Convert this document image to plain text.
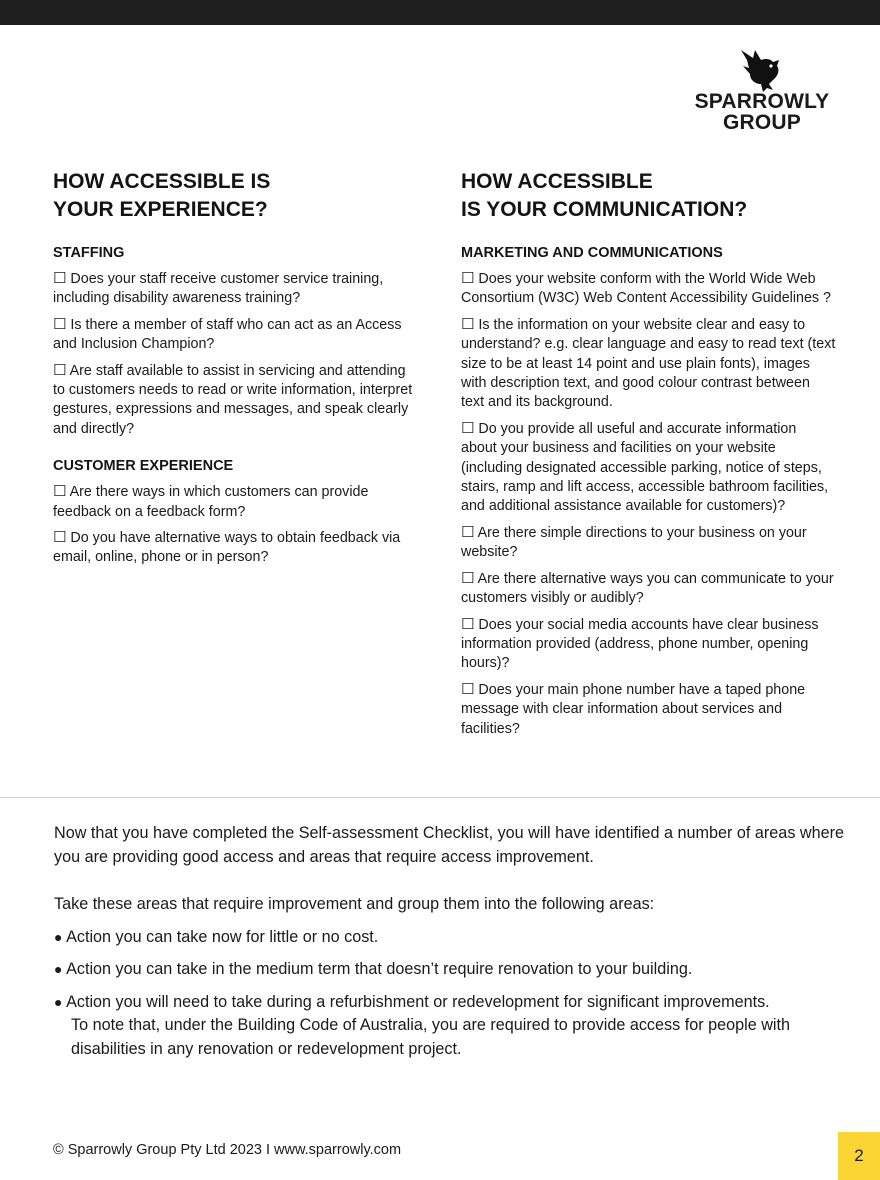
SPARROWLY
GROUP
HOW ACCESSIBLE IS
YOUR EXPERIENCE?
STAFFING
☐ Does your staff receive customer service training, including disability awareness training?
☐ Is there a member of staff who can act as an Access and Inclusion Champion?
☐ Are staff available to assist in servicing and attending to customers needs to read or write information, interpret gestures, expressions and messages, and speak clearly and directly?
CUSTOMER EXPERIENCE
☐ Are there ways in which customers can provide feedback on a feedback form?
☐ Do you have alternative ways to obtain feedback via email, online, phone or in person?
HOW ACCESSIBLE
IS YOUR COMMUNICATION?
MARKETING AND COMMUNICATIONS
☐ Does your website conform with the World Wide Web Consortium (W3C) Web Content Accessibility Guidelines ?
☐ Is the information on your website clear and easy to understand? e.g. clear language and easy to read text (text size to be at least 14 point and use plain fonts), images with description text, and good colour contrast between text and its background.
☐ Do you provide all useful and accurate information about your business and facilities on your website (including designated accessible parking, notice of steps, stairs, ramp and lift access, accessible bathroom facilities, and additional assistance available for customers)?
☐ Are there simple directions to your business on your website?
☐ Are there alternative ways you can communicate to your customers visibly or audibly?
☐ Does your social media accounts have clear business information provided (address, phone number, opening hours)?
☐ Does your main phone number have a taped phone message with clear information about services and facilities?

Now that you have completed the Self-assessment Checklist, you will have identified a number of areas where you are providing good access and areas that require access improvement.

Take these areas that require improvement and group them into the following areas:

● Action you can take now for little or no cost.
● Action you can take in the medium term that doesn’t require renovation to your building.
● Action you will need to take during a refurbishment or redevelopment for significant improvements.
To note that, under the Building Code of Australia, you are required to provide access for people with disabilities in any renovation or redevelopment project.
© Sparrowly Group Pty Ltd 2023 I www.sparrowly.com	2
